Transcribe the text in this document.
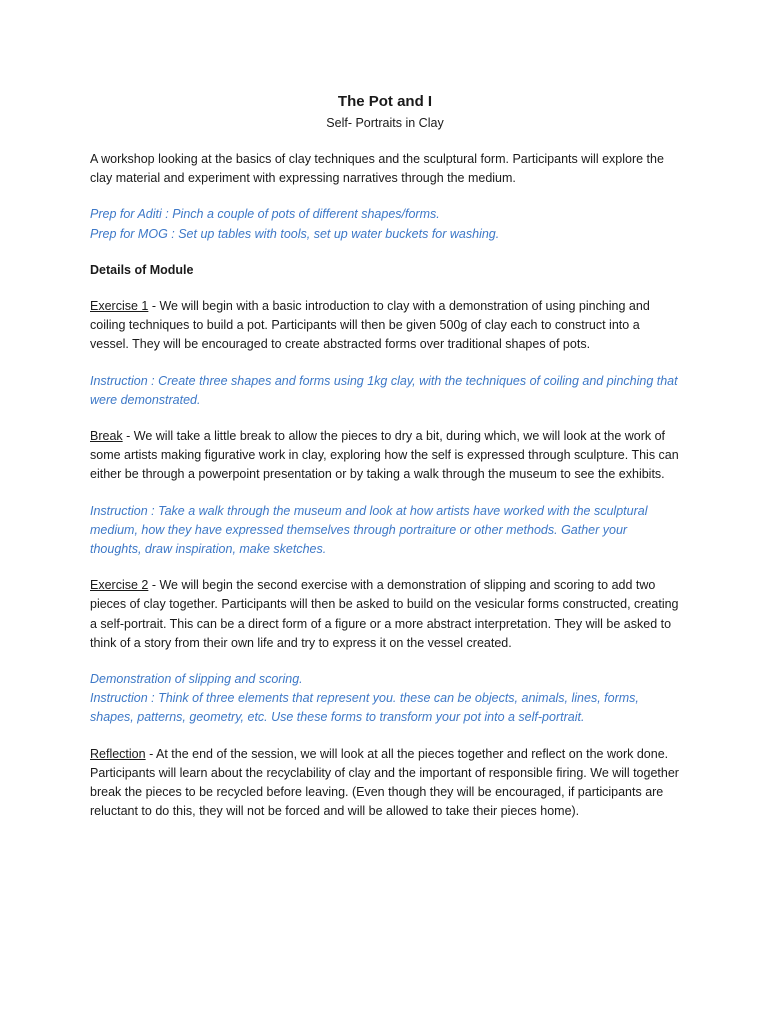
The Pot and I
Self- Portraits in Clay

A workshop looking at the basics of clay techniques and the sculptural form. Participants will explore the clay material and experiment with expressing narratives through the medium.

Prep for Aditi : Pinch a couple of pots of different shapes/forms.

Prep for MOG : Set up tables with tools, set up water buckets for washing.

Details of Module

Exercise 1 - We will begin with a basic introduction to clay with a demonstration of using pinching and coiling techniques to build a pot. Participants will then be given 500g of clay each to construct into a vessel. They will be encouraged to create abstracted forms over traditional shapes of pots.

Instruction : Create three shapes and forms using 1kg clay, with the techniques of coiling and pinching that were demonstrated.

Break - We will take a little break to allow the pieces to dry a bit, during which, we will look at the work of some artists making figurative work in clay, exploring how the self is expressed through sculpture. This can either be through a powerpoint presentation or by taking a walk through the museum to see the exhibits.

Instruction : Take a walk through the museum and look at how artists have worked with the sculptural medium, how they have expressed themselves through portraiture or other methods. Gather your thoughts, draw inspiration, make sketches.

Exercise 2 - We will begin the second exercise with a demonstration of slipping and scoring to add two pieces of clay together. Participants will then be asked to build on the vesicular forms constructed, creating a self-portrait. This can be a direct form of a figure or a more abstract interpretation. They will be asked to think of a story from their own life and try to express it on the vessel created.

Demonstration of slipping and scoring.

Instruction : Think of three elements that represent you. these can be objects, animals, lines, forms, shapes, patterns, geometry, etc. Use these forms to transform your pot into a self-portrait.

Reflection - At the end of the session, we will look at all the pieces together and reflect on the work done. Participants will learn about the recyclability of clay and the important of responsible firing. We will together break the pieces to be recycled before leaving. (Even though they will be encouraged, if participants are reluctant to do this, they will not be forced and will be allowed to take their pieces home).
